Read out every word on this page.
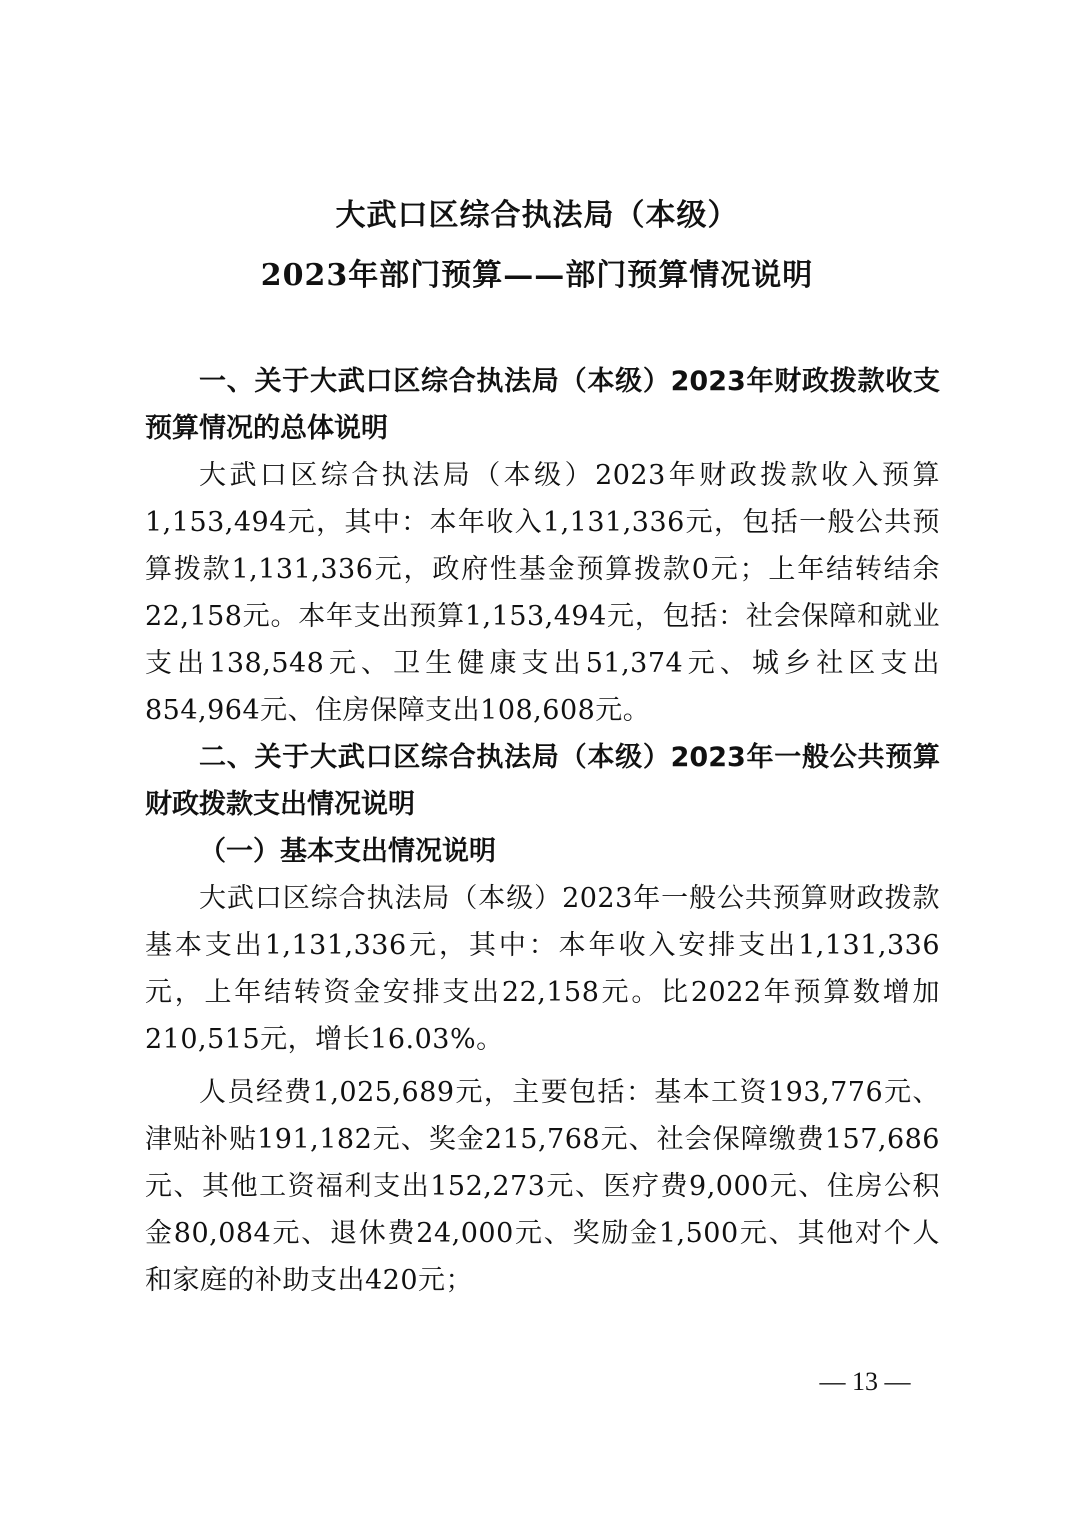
大武口区综合执法局（本级）
2023年部门预算——部门预算情况说明

一、关于大武口区综合执法局（本级）2023年财政拨款收支预算情况的总体说明

大武口区综合执法局（本级）2023年财政拨款收入预算1,153,494元，其中：本年收入1,131,336元，包括一般公共预算拨款1,131,336元，政府性基金预算拨款0元；上年结转结余22,158元。本年支出预算1,153,494元，包括：社会保障和就业支出138,548元、卫生健康支出51,374元、城乡社区支出854,964元、住房保障支出108,608元。

二、关于大武口区综合执法局（本级）2023年一般公共预算财政拨款支出情况说明

（一）基本支出情况说明

大武口区综合执法局（本级）2023年一般公共预算财政拨款基本支出1,131,336元，其中：本年收入安排支出1,131,336元，上年结转资金安排支出22,158元。比2022年预算数增加210,515元，增长16.03%。

人员经费1,025,689元，主要包括：基本工资193,776元、津贴补贴191,182元、奖金215,768元、社会保障缴费157,686元、其他工资福利支出152,273元、医疗费9,000元、住房公积金80,084元、退休费24,000元、奖励金1,500元、其他对个人和家庭的补助支出420元；

— 13 —
